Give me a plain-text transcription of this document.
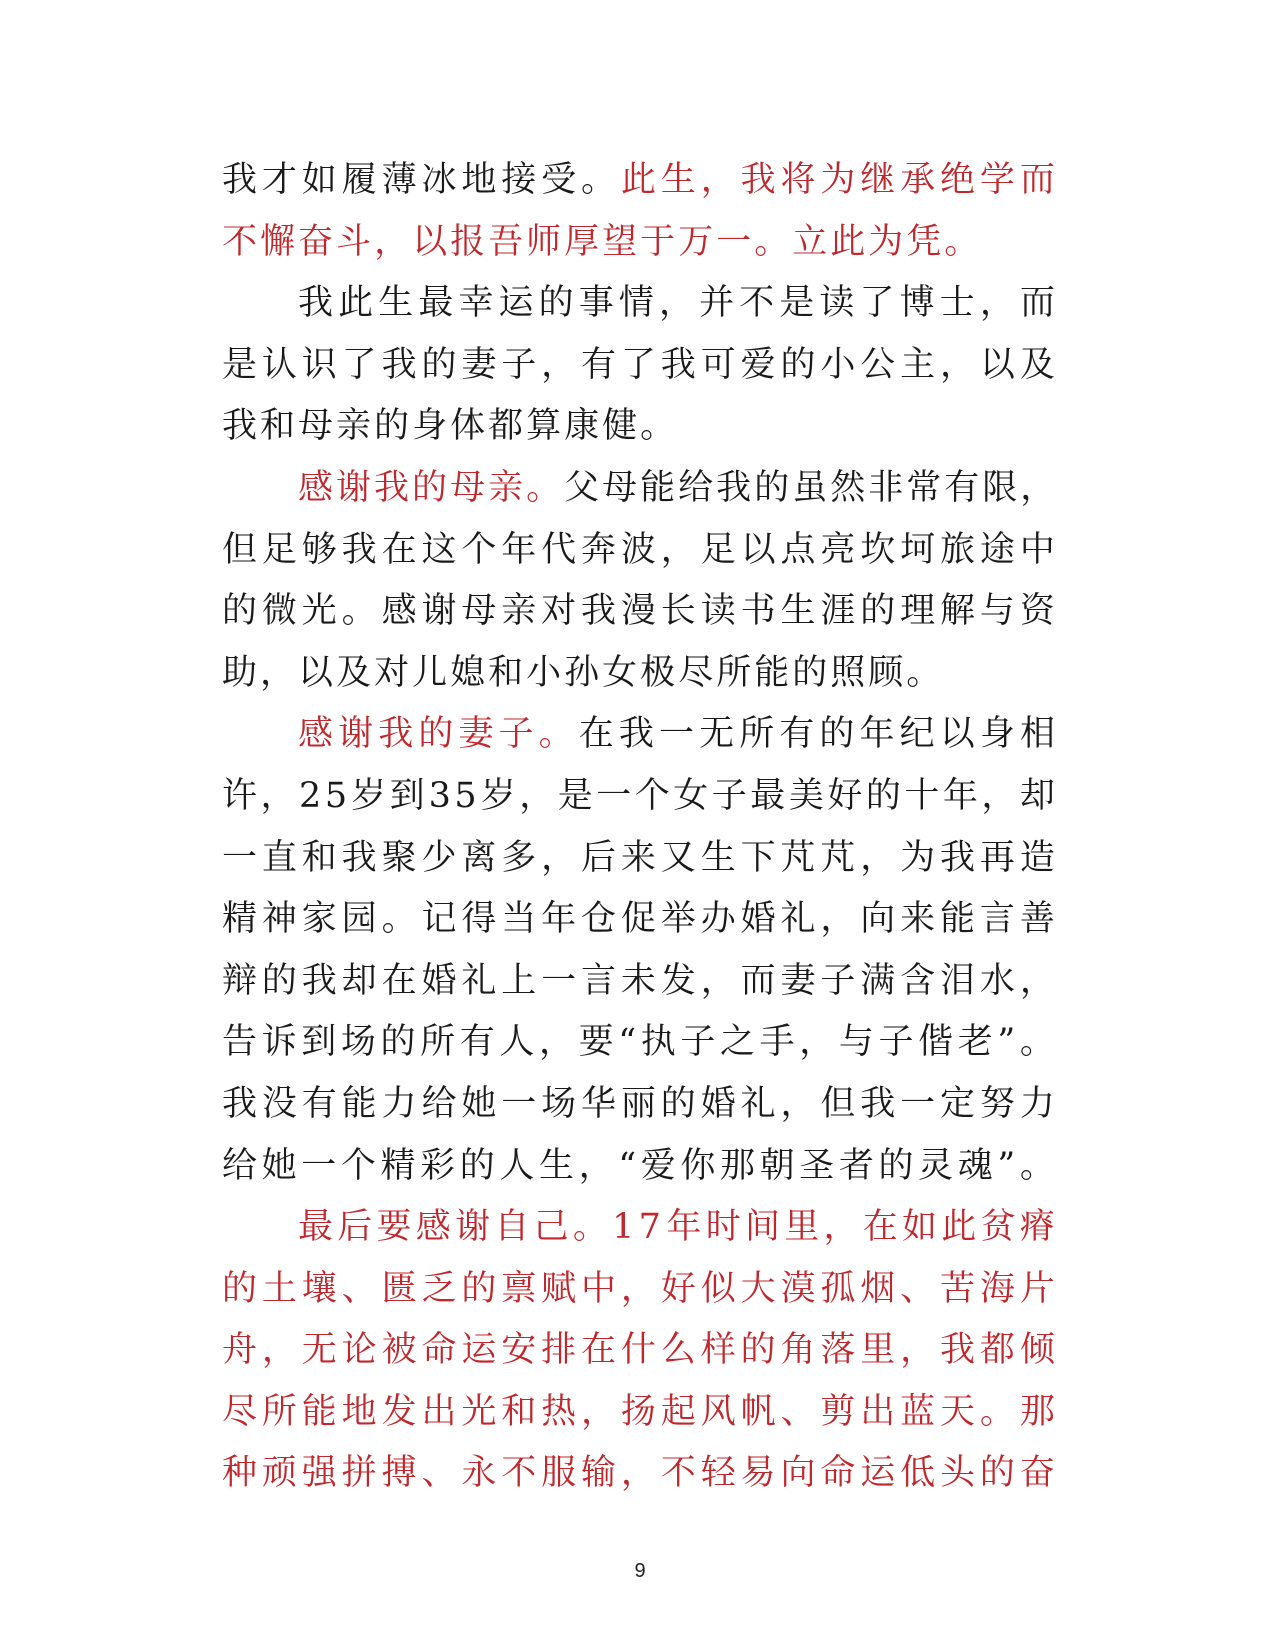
我 才 如 履 薄 冰 地 接 受 。 此 生 ， 我 将 为 继 承 绝 学 而
不 懈 奋 斗 ， 以 报 吾 师 厚 望 于 万 一 。 立 此 为 凭 。
我 此 生 最 幸 运 的 事 情 ， 并 不 是 读 了 博 士 ， 而
是 认 识 了 我 的 妻 子 ， 有 了 我 可 爱 的 小 公 主 ， 以 及
我 和 母 亲 的 身 体 都 算 康 健 。
感 谢 我 的 母 亲 。 父 母 能 给 我 的 虽 然 非 常 有 限 ，
但 足 够 我 在 这 个 年 代 奔 波 ， 足 以 点 亮 坎 坷 旅 途 中
的 微 光 。 感 谢 母 亲 对 我 漫 长 读 书 生 涯 的 理 解 与 资
助 ， 以 及 对 儿 媳 和 小 孙 女 极 尽 所 能 的 照 顾 。
感 谢 我 的 妻 子 。 在 我 一 无 所 有 的 年 纪 以 身 相
许 ， 2 5 岁 到 3 5 岁 ， 是 一 个 女 子 最 美 好 的 十 年 ， 却
一 直 和 我 聚 少 离 多 ， 后 来 又 生 下 芃 芃 ， 为 我 再 造
精 神 家 园 。 记 得 当 年 仓 促 举 办 婚 礼 ， 向 来 能 言 善
辩 的 我 却 在 婚 礼 上 一 言 未 发 ， 而 妻 子 满 含 泪 水 ，
告 诉 到 场 的 所 有 人 ， 要 “ 执 子 之 手 ， 与 子 偕 老 ” 。
我 没 有 能 力 给 她 一 场 华 丽 的 婚 礼 ， 但 我 一 定 努 力
给 她 一 个 精 彩 的 人 生 ， “ 爱 你 那 朝 圣 者 的 灵 魂 ” 。
最 后 要 感 谢 自 己 。 1 7 年 时 间 里 ， 在 如 此 贫 瘠
的 土 壤 、 匮 乏 的 禀 赋 中 ， 好 似 大 漠 孤 烟 、 苦 海 片
舟 ， 无 论 被 命 运 安 排 在 什 么 样 的 角 落 里 ， 我 都 倾
尽 所 能 地 发 出 光 和 热 ， 扬 起 风 帆 、 剪 出 蓝 天 。 那
种 顽 强 拼 搏 、 永 不 服 输 ， 不 轻 易 向 命 运 低 头 的 奋
9
